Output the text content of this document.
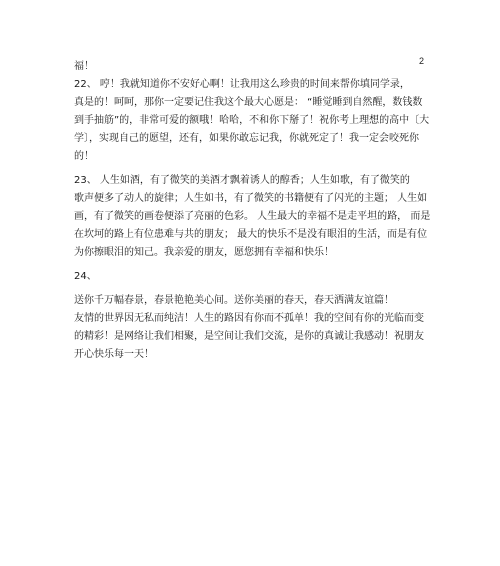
2

福！

22、 哼！我就知道你不安好心啊！让我用这么珍贵的时间来帮你填同学录，

真是的！呵呵，那你一定要记住我这个最大心愿是： “睡觉睡到自然醒，数钱数

到手抽筋”的，非常可爱的额哦！哈哈，不和你下掰了！祝你考上理想的高中〔大

学〕，实现自己的愿望，还有，如果你敢忘记我，你就死定了！我一定会咬死你

的！

23、 人生如酒，有了微笑的美酒才飘着诱人的醇香；人生如歌，有了微笑的

歌声便多了动人的旋律；人生如书，有了微笑的书籍便有了闪光的主题； 人生如

画，有了微笑的画卷便添了亮丽的色彩。 人生最大的幸福不是走平坦的路， 而是

在坎坷的路上有位患难与共的朋友； 最大的快乐不是没有眼泪的生活，而是有位

为你擦眼泪的知己。我亲爱的朋友，愿您拥有幸福和快乐！

24、

送你千万幅春景，春景艳艳美心间。送你美丽的春天，春天洒满友谊篇！

友情的世界因无私而纯洁！人生的路因有你而不孤单！我的空间有你的光临而变

的精彩！是网络让我们相聚，是空间让我们交流，是你的真诚让我感动！祝朋友

开心快乐每一天！
